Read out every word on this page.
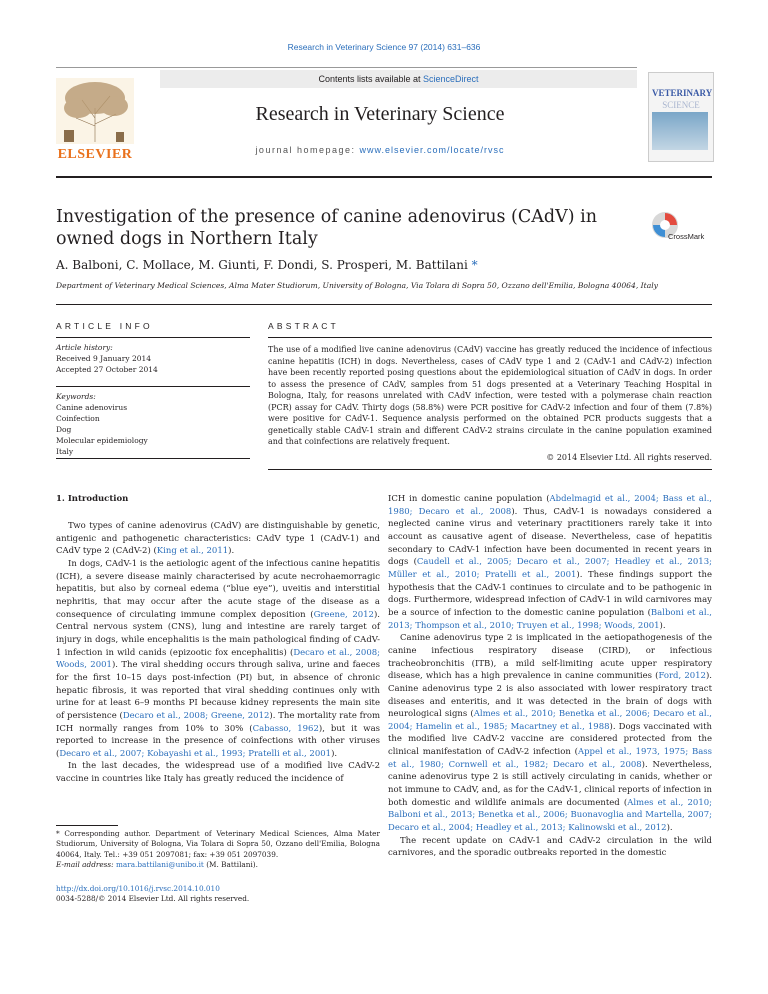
Research in Veterinary Science 97 (2014) 631–636
Contents lists available at ScienceDirect
ELSEVIER
Research in Veterinary Science
journal homepage: www.elsevier.com/locate/rvsc
VETERINARY
SCIENCE
Investigation of the presence of canine adenovirus (CAdV) in owned dogs in Northern Italy	CrossMark
A. Balboni, C. Mollace, M. Giunti, F. Dondi, S. Prosperi, M. Battilani *
Department of Veterinary Medical Sciences, Alma Mater Studiorum, University of Bologna, Via Tolara di Sopra 50, Ozzano dell'Emilia, Bologna 40064, Italy
ARTICLE INFO
Article history:
Received 9 January 2014
Accepted 27 October 2014
Keywords:
Canine adenovirus
Coinfection
Dog
Molecular epidemiology
Italy
ABSTRACT
The use of a modified live canine adenovirus (CAdV) vaccine has greatly reduced the incidence of infectious canine hepatitis (ICH) in dogs. Nevertheless, cases of CAdV type 1 and 2 (CAdV-1 and CAdV-2) infection have been recently reported posing questions about the epidemiological situation of CAdV in dogs. In order to assess the presence of CAdV, samples from 51 dogs presented at a Veterinary Teaching Hospital in Bologna, Italy, for reasons unrelated with CAdV infection, were tested with a polymerase chain reaction (PCR) assay for CAdV. Thirty dogs (58.8%) were PCR positive for CAdV-2 infection and four of them (7.8%) were positive for CAdV-1. Sequence analysis performed on the obtained PCR products suggests that a genetically stable CAdV-1 strain and different CAdV-2 strains circulate in the canine population examined and that coinfections are relatively frequent.
© 2014 Elsevier Ltd. All rights reserved.
1. Introduction

Two types of canine adenovirus (CAdV) are distinguishable by genetic, antigenic and pathogenetic characteristics: CAdV type 1 (CAdV-1) and CAdV type 2 (CAdV-2) (King et al., 2011).

In dogs, CAdV-1 is the aetiologic agent of the infectious canine hepatitis (ICH), a severe disease mainly characterised by acute necrohaemorragic hepatitis, but also by corneal edema (“blue eye”), uveitis and interstitial nephritis, that may occur after the acute stage of the disease as a consequence of circulating immune complex deposition (Greene, 2012). Central nervous system (CNS), lung and intestine are rarely target of injury in dogs, while encephalitis is the main pathological finding of CAdV-1 infection in wild canids (epizootic fox encephalitis) (Decaro et al., 2008; Woods, 2001). The viral shedding occurs through saliva, urine and faeces for the first 10–15 days post-infection (PI) but, in absence of chronic hepatic fibrosis, it was reported that viral shedding continues only with urine for at least 6–9 months PI because kidney represents the main site of persistence (Decaro et al., 2008; Greene, 2012). The mortality rate from ICH normally ranges from 10% to 30% (Cabasso, 1962), but it was reported to increase in the presence of coinfections with other viruses (Decaro et al., 2007; Kobayashi et al., 1993; Pratelli et al., 2001).

In the last decades, the widespread use of a modified live CAdV-2 vaccine in countries like Italy has greatly reduced the incidence of

ICH in domestic canine population (Abdelmagid et al., 2004; Bass et al., 1980; Decaro et al., 2008). Thus, CAdV-1 is nowadays considered a neglected canine virus and veterinary practitioners rarely take it into account as causative agent of disease. Nevertheless, case of hepatitis secondary to CAdV-1 infection have been documented in recent years in dogs (Caudell et al., 2005; Decaro et al., 2007; Headley et al., 2013; Müller et al., 2010; Pratelli et al., 2001). These findings support the hypothesis that the CAdV-1 continues to circulate and to be pathogenic in dogs. Furthermore, widespread infection of CAdV-1 in wild carnivores may be a source of infection to the domestic canine population (Balboni et al., 2013; Thompson et al., 2010; Truyen et al., 1998; Woods, 2001).

Canine adenovirus type 2 is implicated in the aetiopathogenesis of the canine infectious respiratory disease (CIRD), or infectious tracheobronchitis (ITB), a mild self-limiting acute upper respiratory disease, which has a high prevalence in canine communities (Ford, 2012). Canine adenovirus type 2 is also associated with lower respiratory tract diseases and enteritis, and it was detected in the brain of dogs with neurological signs (Almes et al., 2010; Benetka et al., 2006; Decaro et al., 2004; Hamelin et al., 1985; Macartney et al., 1988). Dogs vaccinated with the modified live CAdV-2 vaccine are considered protected from the clinical manifestation of CAdV-2 infection (Appel et al., 1973, 1975; Bass et al., 1980; Cornwell et al., 1982; Decaro et al., 2008). Nevertheless, canine adenovirus type 2 is still actively circulating in canids, whether or not immune to CAdV, and, as for the CAdV-1, clinical reports of infection in both domestic and wildlife animals are documented (Almes et al., 2010; Balboni et al., 2013; Benetka et al., 2006; Buonavoglia and Martella, 2007; Decaro et al., 2004; Headley et al., 2013; Kalinowski et al., 2012).

The recent update on CAdV-1 and CAdV-2 circulation in the wild carnivores, and the sporadic outbreaks reported in the domestic

* Corresponding author. Department of Veterinary Medical Sciences, Alma Mater Studiorum, University of Bologna, Via Tolara di Sopra 50, Ozzano dell'Emilia, Bologna 40064, Italy. Tel.: +39 051 2097081; fax: +39 051 2097039.
E-mail address: mara.battilani@unibo.it (M. Battilani).
http://dx.doi.org/10.1016/j.rvsc.2014.10.010
0034-5288/© 2014 Elsevier Ltd. All rights reserved.
